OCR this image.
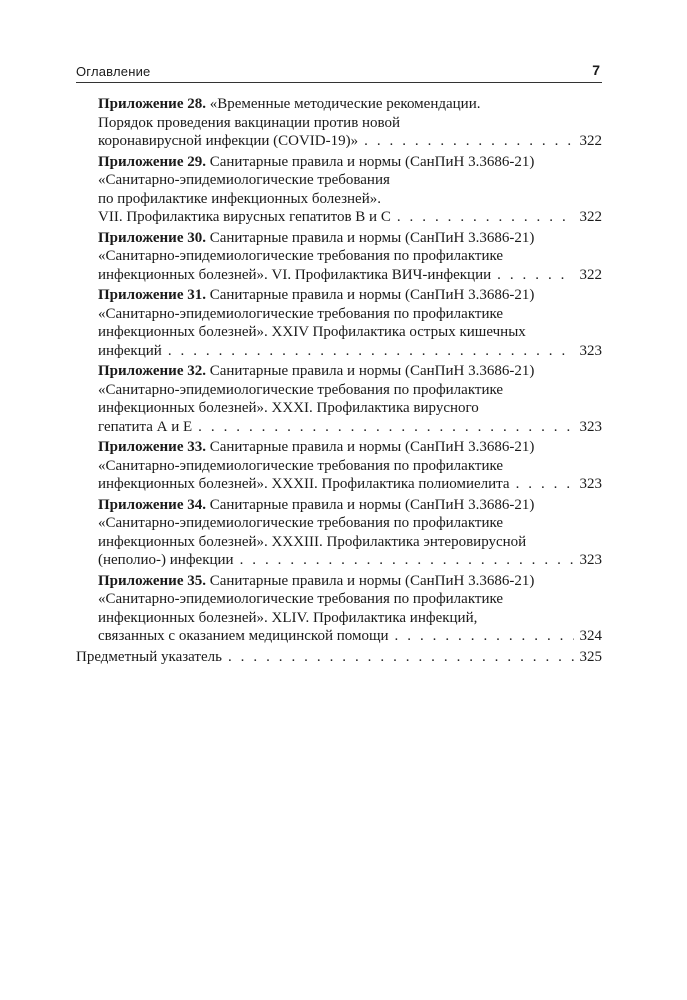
Оглавление	7
Приложение 28. «Временные методические рекомендации.
Порядок проведения вакцинации против новой
коронавирусной инфекции (COVID-19)» . . .	322
Приложение 29. Санитарные правила и нормы (СанПиН 3.3686-21)
«Санитарно-эпидемиологические требования
по профилактике инфекционных болезней».
VII. Профилактика вирусных гепатитов В и С . . .	322
Приложение 30. Санитарные правила и нормы (СанПиН 3.3686-21)
«Санитарно-эпидемиологические требования по профилактике
инфекционных болезней». VI. Профилактика ВИЧ-инфекции . . .	322
Приложение 31. Санитарные правила и нормы (СанПиН 3.3686-21)
«Санитарно-эпидемиологические требования по профилактике
инфекционных болезней». XXIV Профилактика острых кишечных
инфекций . . .	323
Приложение 32. Санитарные правила и нормы (СанПиН 3.3686-21)
«Санитарно-эпидемиологические требования по профилактике
инфекционных болезней». XXXI. Профилактика вирусного
гепатита А и Е . . .	323
Приложение 33. Санитарные правила и нормы (СанПиН 3.3686-21)
«Санитарно-эпидемиологические требования по профилактике
инфекционных болезней». XXXII. Профилактика полиомиелита . . .	323
Приложение 34. Санитарные правила и нормы (СанПиН 3.3686-21)
«Санитарно-эпидемиологические требования по профилактике
инфекционных болезней». XXXIII. Профилактика энтеровирусной
(неполио-) инфекции . . .	323
Приложение 35. Санитарные правила и нормы (СанПиН 3.3686-21)
«Санитарно-эпидемиологические требования по профилактике
инфекционных болезней». XLIV. Профилактика инфекций,
связанных с оказанием медицинской помощи . . .	324
Предметный указатель . . .	325
